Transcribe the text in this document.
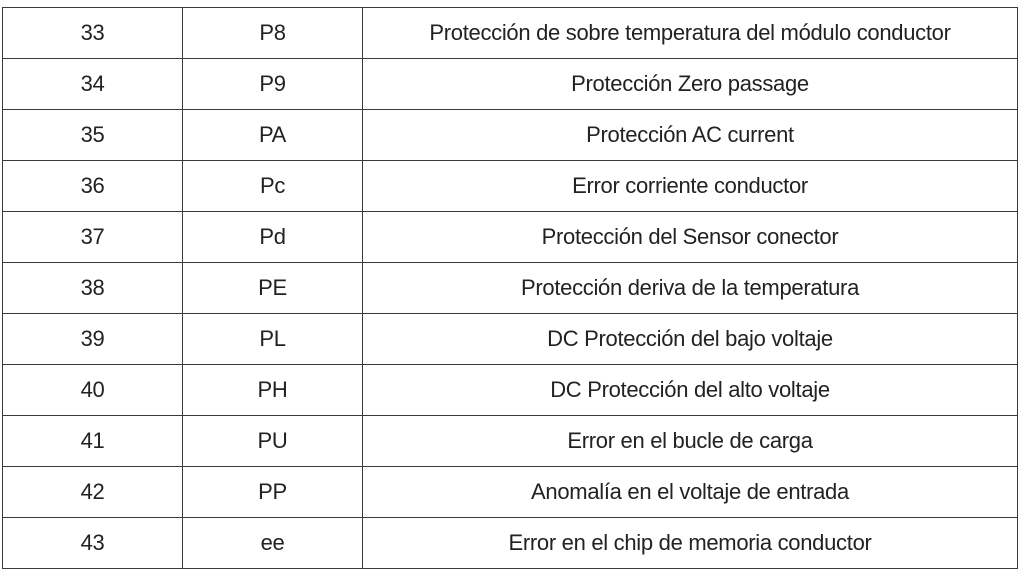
33	P8	Protección de sobre temperatura del módulo conductor
34	P9	Protección Zero passage
35	PA	Protección AC current
36	Pc	Error corriente conductor
37	Pd	Protección del Sensor conector
38	PE	Protección deriva de la temperatura
39	PL	DC Protección del bajo voltaje
40	PH	DC Protección del alto voltaje
41	PU	Error en el bucle de carga
42	PP	Anomalía en el voltaje de entrada
43	ee	Error en el chip de memoria conductor
